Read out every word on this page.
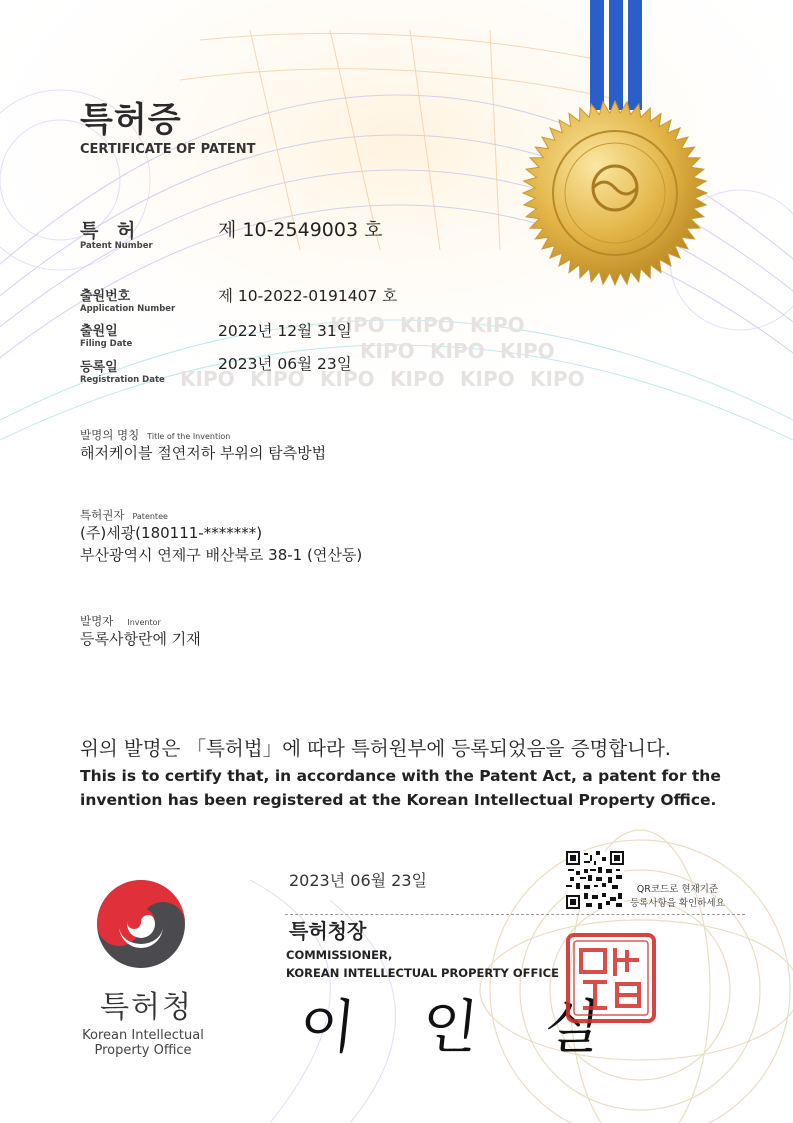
KIPO KIPO KIPO
KIPO KIPO KIPO
KIPO KIPO KIPO KIPO KIPO KIPO
특허증
CERTIFICATE OF PATENT
특 허
Patent Number
제 10-2549003 호
출원번호
Application Number
제 10-2022-0191407 호
출원일
Filing Date
2022년 12월 31일
등록일
Registration Date
2023년 06월 23일
발명의 명칭 Title of the Invention
해저케이블 절연저하 부위의 탐측방법
특허권자 Patentee
(주)세광(180111-*******)
부산광역시 연제구 배산북로 38-1 (연산동)
발명자 Inventor
등록사항란에 기재
위의 발명은 「특허법」에 따라 특허원부에 등록되었음을 증명합니다.
This is to certify that, in accordance with the Patent Act, a patent for the
invention has been registered at the Korean Intellectual Property Office.
2023년 06월 23일	QR코드로 현재기준
등록사항을 확인하세요
특허청장
COMMISSIONER,
KOREAN INTELLECTUAL PROPERTY OFFICE
이 인 실
특허청
Korean Intellectual
Property Office
